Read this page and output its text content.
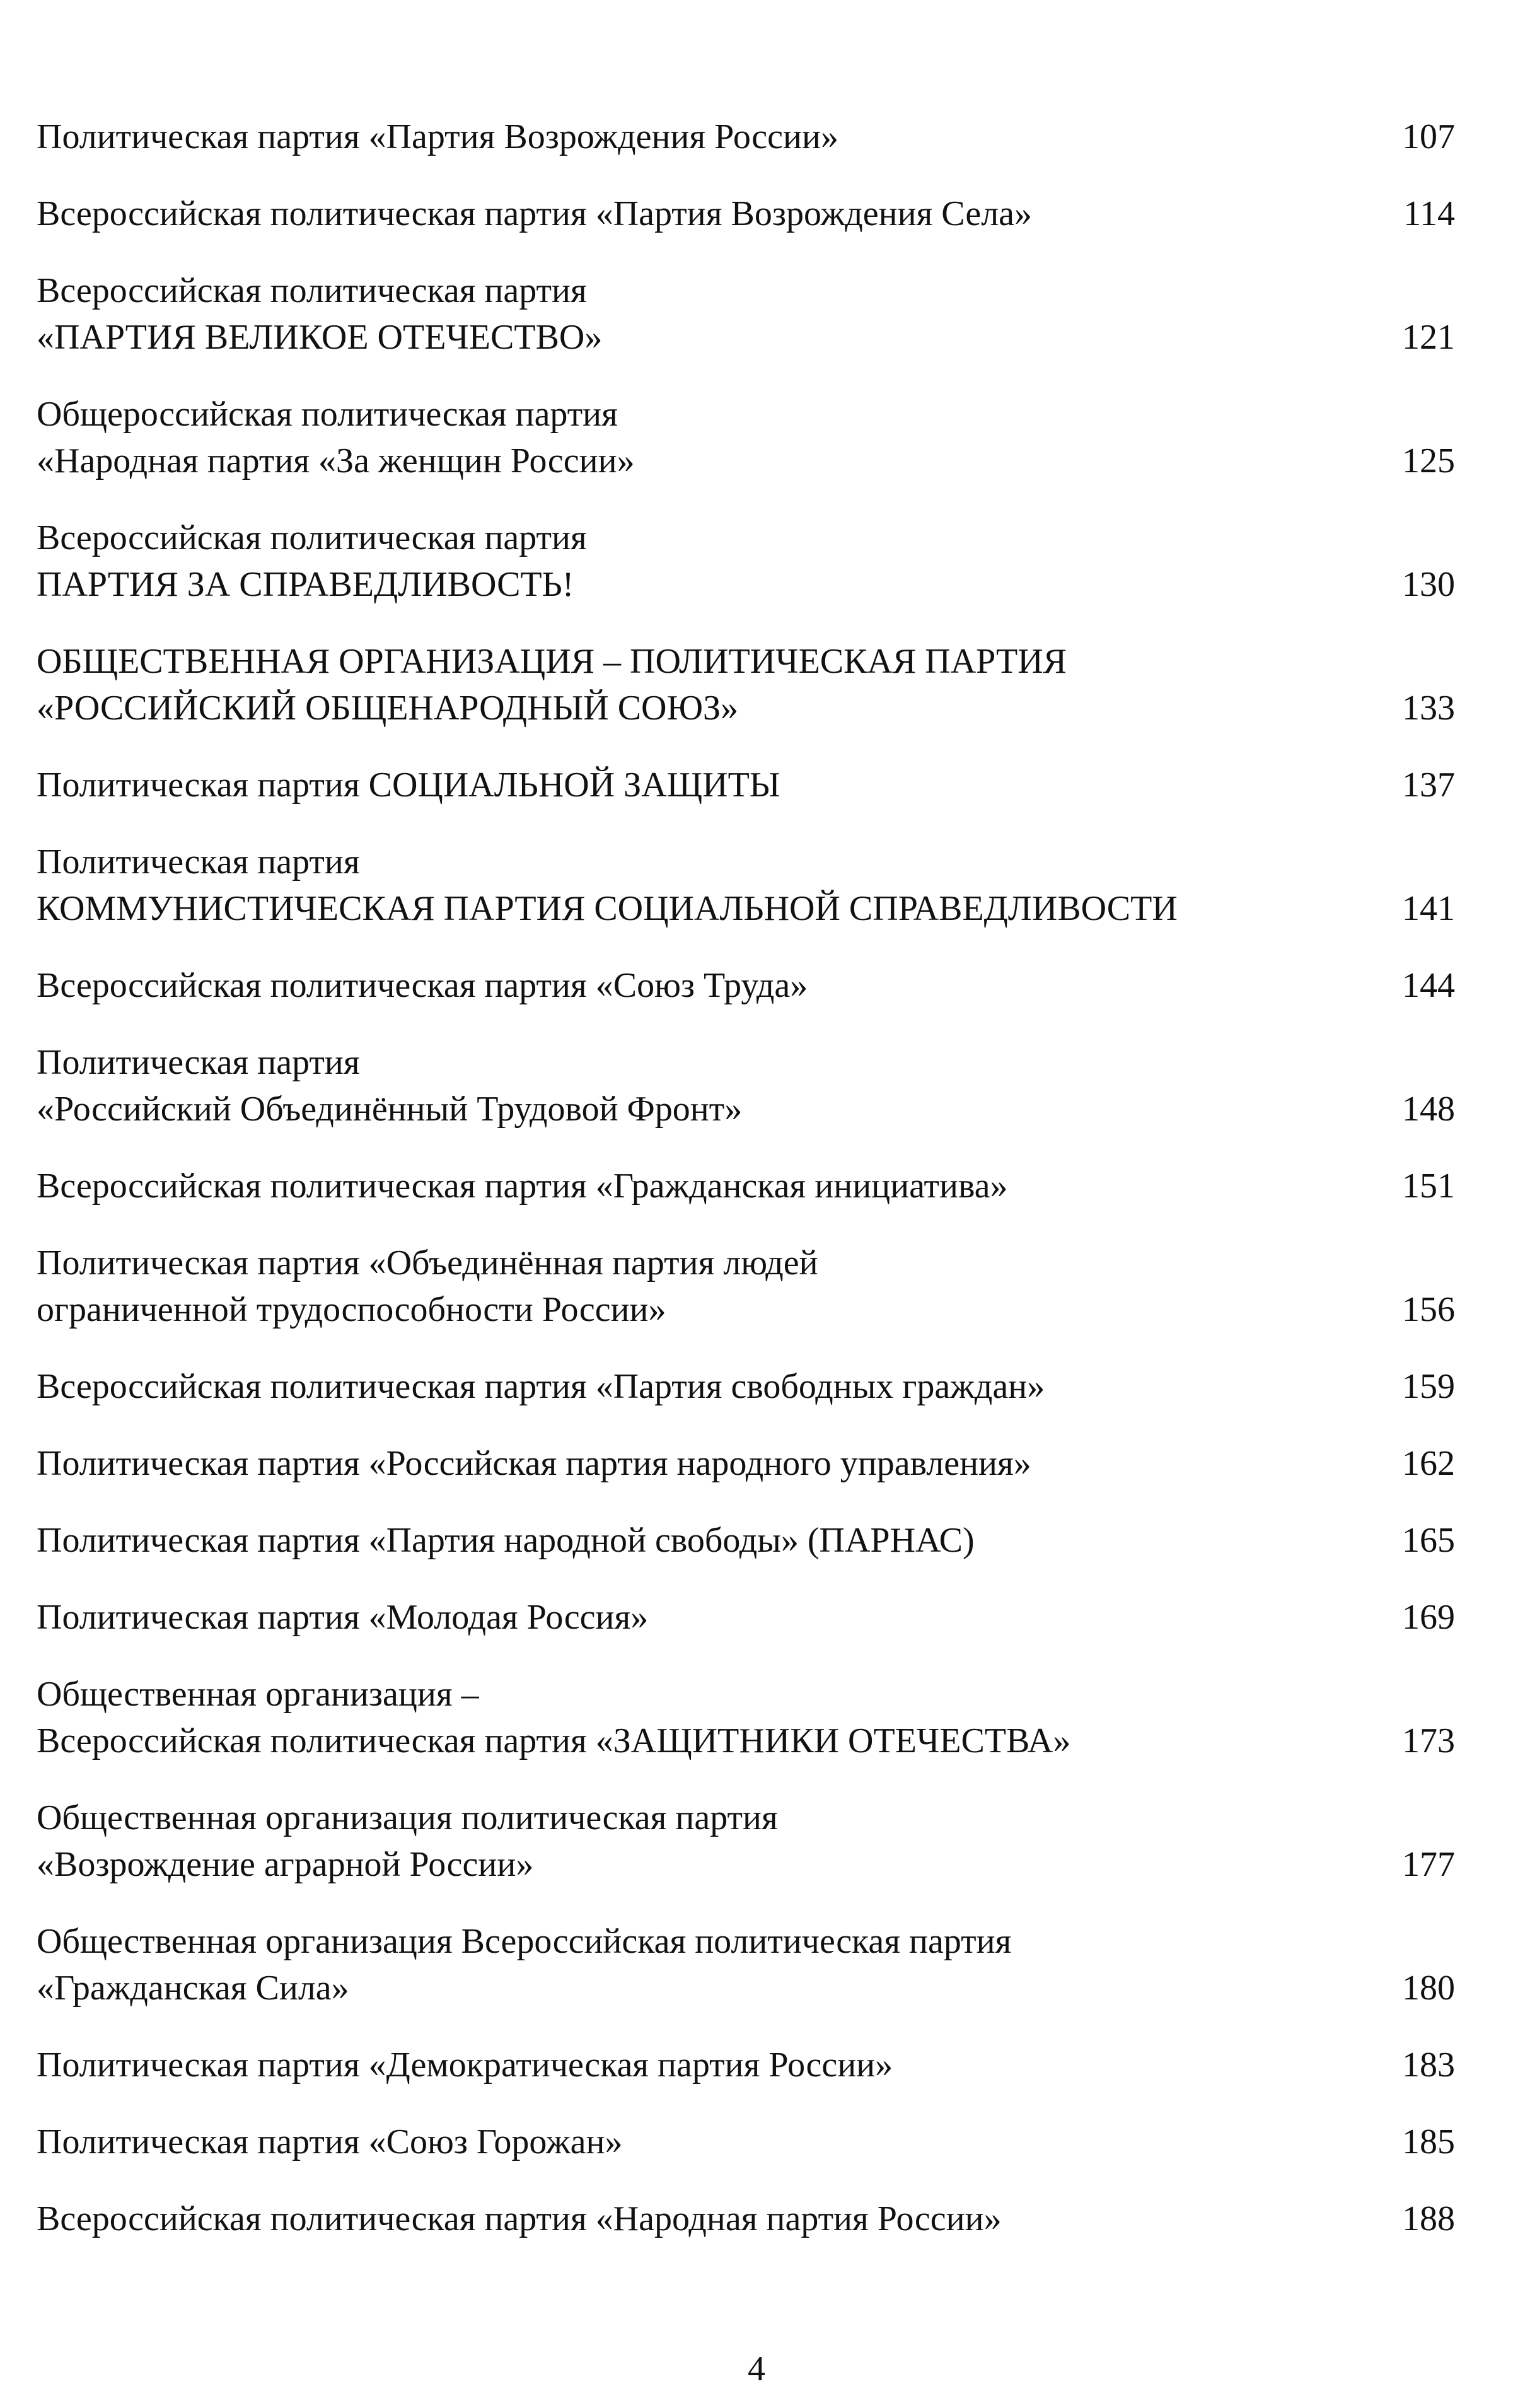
Политическая партия «Партия Возрождения России»	107
Всероссийская политическая партия «Партия Возрождения Села»	114
Всероссийская политическая партия
«ПАРТИЯ ВЕЛИКОЕ ОТЕЧЕСТВО»	121
Общероссийская политическая партия
«Народная партия «За женщин России»	125
Всероссийская политическая партия
ПАРТИЯ ЗА СПРАВЕДЛИВОСТЬ!	130
ОБЩЕСТВЕННАЯ ОРГАНИЗАЦИЯ – ПОЛИТИЧЕСКАЯ ПАРТИЯ
«РОССИЙСКИЙ ОБЩЕНАРОДНЫЙ СОЮЗ»	133
Политическая партия СОЦИАЛЬНОЙ ЗАЩИТЫ	137
Политическая партия
КОММУНИСТИЧЕСКАЯ ПАРТИЯ СОЦИАЛЬНОЙ СПРАВЕДЛИВОСТИ	141
Всероссийская политическая партия «Союз Труда»	144
Политическая партия
«Российский Объединённый Трудовой Фронт»	148
Всероссийская политическая партия «Гражданская инициатива»	151
Политическая партия «Объединённая партия людей
ограниченной трудоспособности России»	156
Всероссийская политическая партия «Партия свободных граждан»	159
Политическая партия «Российская партия народного управления»	162
Политическая партия «Партия народной свободы» (ПАРНАС)	165
Политическая партия «Молодая Россия»	169
Общественная организация –
Всероссийская политическая партия «ЗАЩИТНИКИ ОТЕЧЕСТВА»	173
Общественная организация политическая партия
«Возрождение аграрной России»	177
Общественная организация Всероссийская политическая партия
«Гражданская Сила»	180
Политическая партия «Демократическая партия России»	183
Политическая партия «Союз Горожан»	185
Всероссийская политическая партия «Народная партия России»	188
4
